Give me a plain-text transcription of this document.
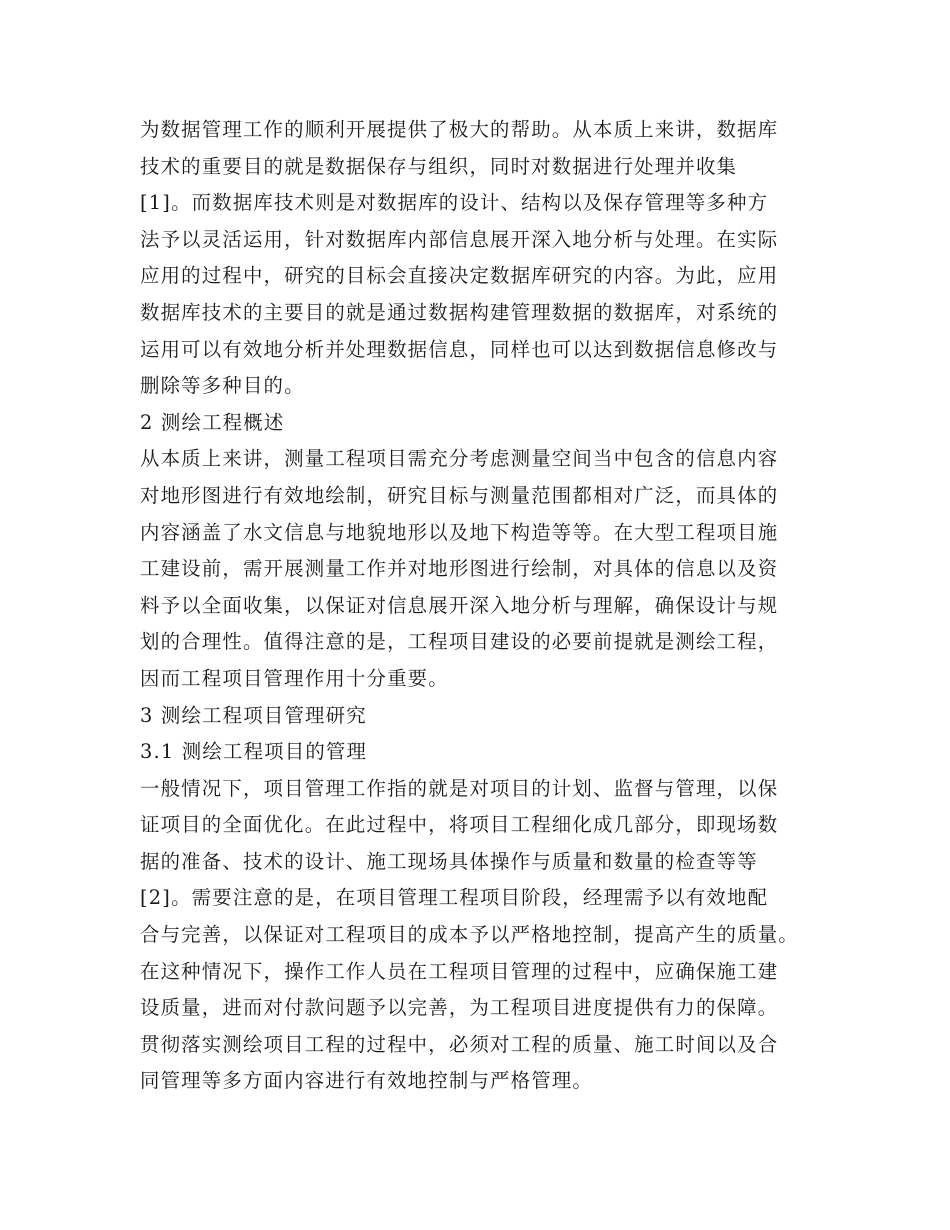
为数据管理工作的顺利开展提供了极大的帮助。从本质上来讲，数据库
技术的重要目的就是数据保存与组织，同时对数据进行处理并收集
[1]。而数据库技术则是对数据库的设计、结构以及保存管理等多种方
法予以灵活运用，针对数据库内部信息展开深入地分析与处理。在实际
应用的过程中，研究的目标会直接决定数据库研究的内容。为此，应用
数据库技术的主要目的就是通过数据构建管理数据的数据库，对系统的
运用可以有效地分析并处理数据信息，同样也可以达到数据信息修改与
删除等多种目的。
2 测绘工程概述
从本质上来讲，测量工程项目需充分考虑测量空间当中包含的信息内容
对地形图进行有效地绘制，研究目标与测量范围都相对广泛，而具体的
内容涵盖了水文信息与地貌地形以及地下构造等等。在大型工程项目施
工建设前，需开展测量工作并对地形图进行绘制，对具体的信息以及资
料予以全面收集，以保证对信息展开深入地分析与理解，确保设计与规
划的合理性。值得注意的是，工程项目建设的必要前提就是测绘工程，
因而工程项目管理作用十分重要。
3 测绘工程项目管理研究
3.1 测绘工程项目的管理
一般情况下，项目管理工作指的就是对项目的计划、监督与管理，以保
证项目的全面优化。在此过程中，将项目工程细化成几部分，即现场数
据的准备、技术的设计、施工现场具体操作与质量和数量的检查等等
[2]。需要注意的是，在项目管理工程项目阶段，经理需予以有效地配
合与完善，以保证对工程项目的成本予以严格地控制，提高产生的质量。
在这种情况下，操作工作人员在工程项目管理的过程中，应确保施工建
设质量，进而对付款问题予以完善，为工程项目进度提供有力的保障。
贯彻落实测绘项目工程的过程中，必须对工程的质量、施工时间以及合
同管理等多方面内容进行有效地控制与严格管理。
